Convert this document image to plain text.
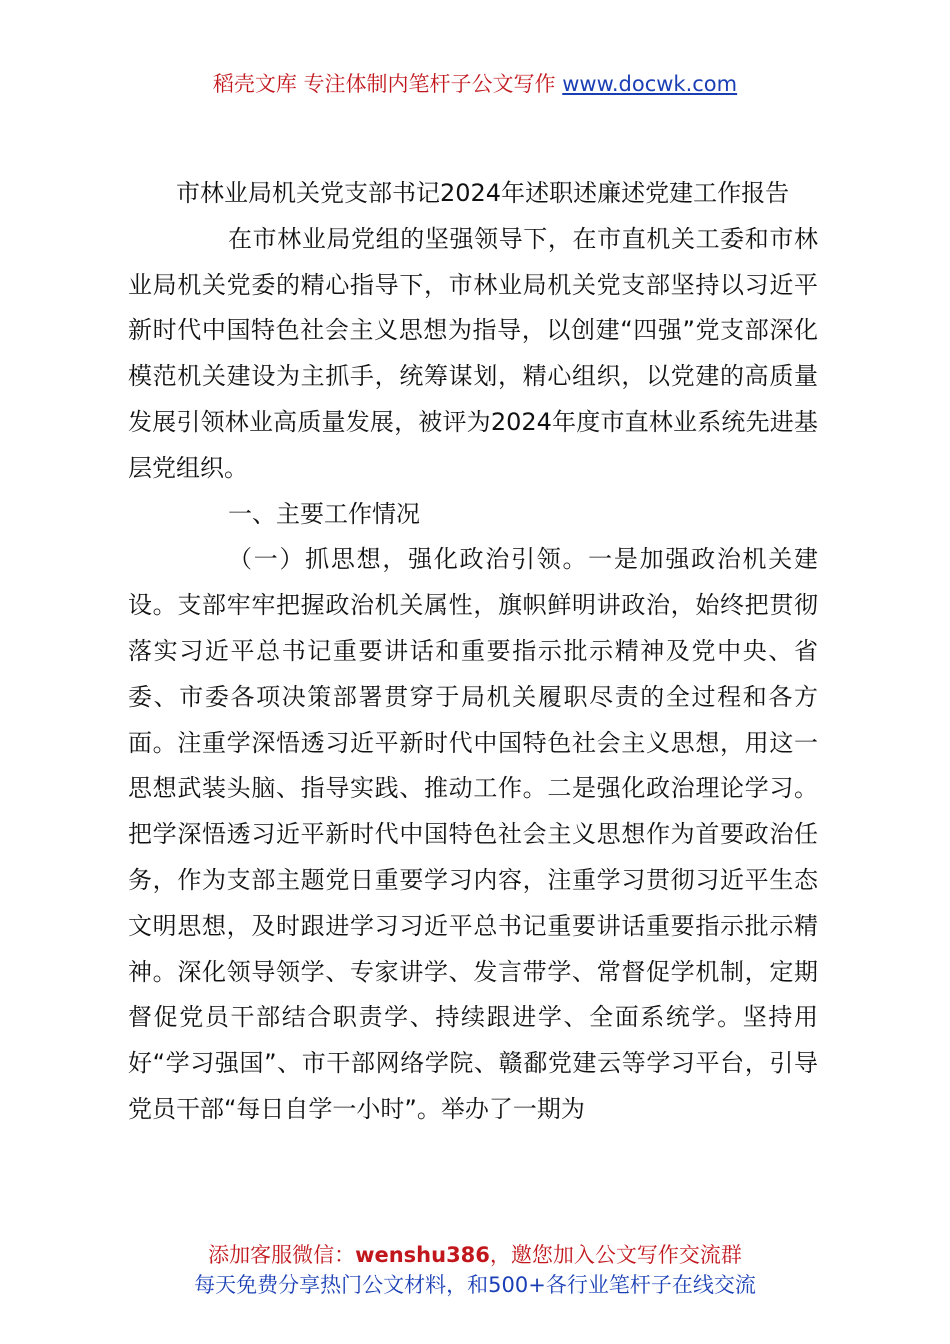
稻壳文库 专注体制内笔杆子公文写作 www.docwk.com

市林业局机关党支部书记2024年述职述廉述党建工作报告

在市林业局党组的坚强领导下，在市直机关工委和市林业局机关党委的精心指导下，市林业局机关党支部坚持以习近平新时代中国特色社会主义思想为指导，以创建“四强”党支部深化模范机关建设为主抓手，统筹谋划，精心组织，以党建的高质量发展引领林业高质量发展，被评为2024年度市直林业系统先进基层党组织。

一、主要工作情况

（一）抓思想，强化政治引领。一是加强政治机关建设。支部牢牢把握政治机关属性，旗帜鲜明讲政治，始终把贯彻落实习近平总书记重要讲话和重要指示批示精神及党中央、省委、市委各项决策部署贯穿于局机关履职尽责的全过程和各方面。注重学深悟透习近平新时代中国特色社会主义思想，用这一思想武装头脑、指导实践、推动工作。二是强化政治理论学习。把学深悟透习近平新时代中国特色社会主义思想作为首要政治任务，作为支部主题党日重要学习内容，注重学习贯彻习近平生态文明思想，及时跟进学习习近平总书记重要讲话重要指示批示精神。深化领导领学、专家讲学、发言带学、常督促学机制，定期督促党员干部结合职责学、持续跟进学、全面系统学。坚持用好“学习强国”、市干部网络学院、赣鄱党建云等学习平台，引导党员干部“每日自学一小时”。举办了一期为

添加客服微信：wenshu386，邀您加入公文写作交流群
每天免费分享热门公文材料，和500+各行业笔杆子在线交流
